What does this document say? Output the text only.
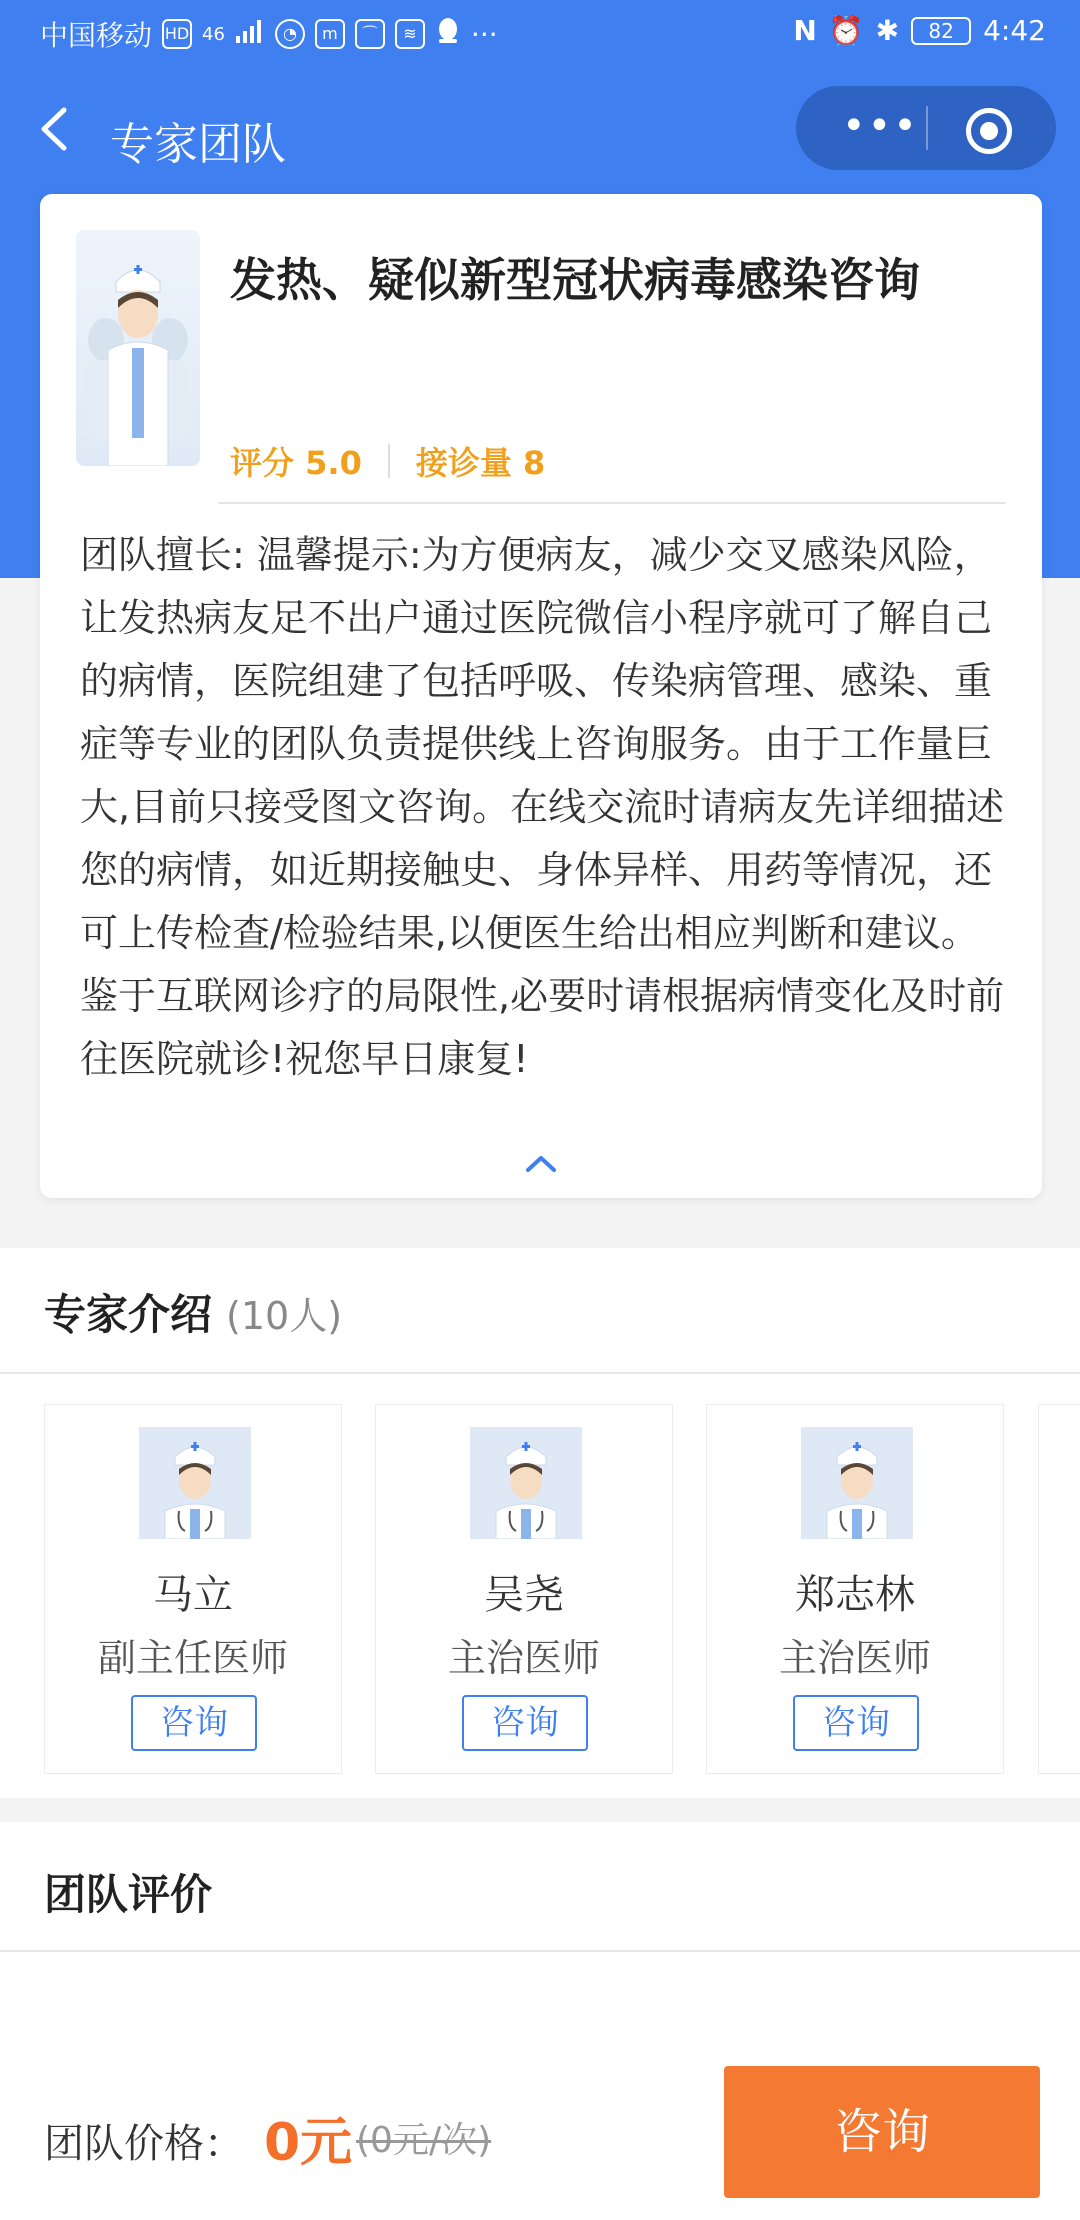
中国移动 HD 46	◔	m	⌒	≋ ···	N ⏰ ✱	82	4:42
专家团队	•••
发热、疑似新型冠状病毒感染咨询
评分 5.0 接诊量 8
团队擅长: 温馨提示:为方便病友，减少交叉感染风险，让发热病友足不出户通过医院微信小程序就可了解自己的病情，医院组建了包括呼吸、传染病管理、感染、重症等专业的团队负责提供线上咨询服务。由于工作量巨大,目前只接受图文咨询。在线交流时请病友先详细描述您的病情，如近期接触史、身体异样、用药等情况，还可上传检查/检验结果,以便医生给出相应判断和建议。鉴于互联网诊疗的局限性,必要时请根据病情变化及时前往医院就诊!祝您早日康复!
专家介绍 (10人)
马立
副主任医师
咨询
吴尧
主治医师
咨询
郑志林
主治医师
咨询
团队评价
团队价格： 0元 (0元/次)	咨询
